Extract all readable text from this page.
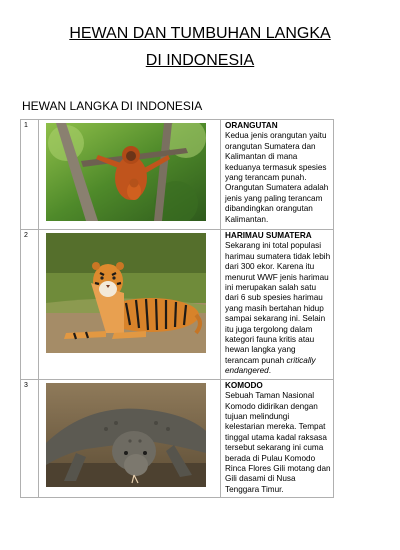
HEWAN DAN TUMBUHAN LANGKA
DI INDONESIA
HEWAN LANGKA DI INDONESIA
1		ORANGUTAN
Kedua jenis orangutan yaitu orangutan Sumatera dan Kalimantan di mana keduanya termasuk spesies yang terancam punah. Orangutan Sumatera adalah jenis yang paling terancam dibandingkan orangutan Kalimantan.
2		HARIMAU SUMATERA
Sekarang ini total populasi harimau sumatera tidak lebih dari 300 ekor. Karena itu menurut WWF jenis harimau ini merupakan salah satu dari 6 sub spesies harimau yang masih bertahan hidup sampai sekarang ini. Selain itu juga tergolong dalam kategori fauna kritis atau hewan langka yang terancam punah critically endangered.
3		KOMODO
Sebuah Taman Nasional Komodo didirikan dengan tujuan melindungi kelestarian mereka. Tempat tinggal utama kadal raksasa tersebut sekarang ini cuma berada di Pulau Komodo Rinca Flores Gili motang dan Gili dasami di Nusa Tenggara Timur.
